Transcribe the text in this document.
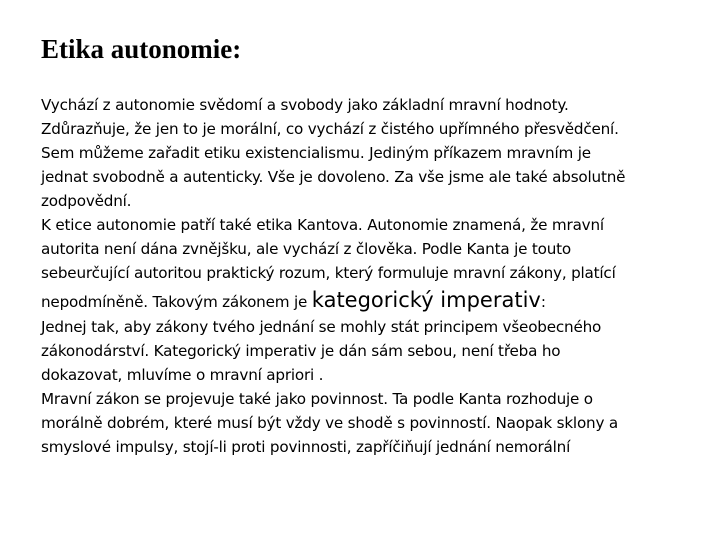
Etika autonomie:
Vychází z autonomie svědomí a svobody jako základní mravní hodnoty.
Zdůrazňuje, že jen to je morální, co vychází z čistého upřímného přesvědčení.
Sem můžeme zařadit etiku existencialismu. Jediným příkazem mravním je
jednat svobodně a autenticky. Vše je dovoleno. Za vše jsme ale také absolutně
zodpovědní.
K etice autonomie patří také etika Kantova. Autonomie znamená, že mravní
autorita není dána zvnějšku, ale vychází z člověka. Podle Kanta je touto
sebeurčující autoritou praktický rozum, který formuluje mravní zákony, platící
nepodmíněně. Takovým zákonem je kategorický imperativ:
Jednej tak, aby zákony tvého jednání se mohly stát principem všeobecného
zákonodárství. Kategorický imperativ je dán sám sebou, není třeba ho
dokazovat, mluvíme o mravní apriori .
Mravní zákon se projevuje také jako povinnost. Ta podle Kanta rozhoduje o
morálně dobrém, které musí být vždy ve shodě s povinností. Naopak sklony a
smyslové impulsy, stojí-li proti povinnosti, zapříčiňují jednání nemorální
